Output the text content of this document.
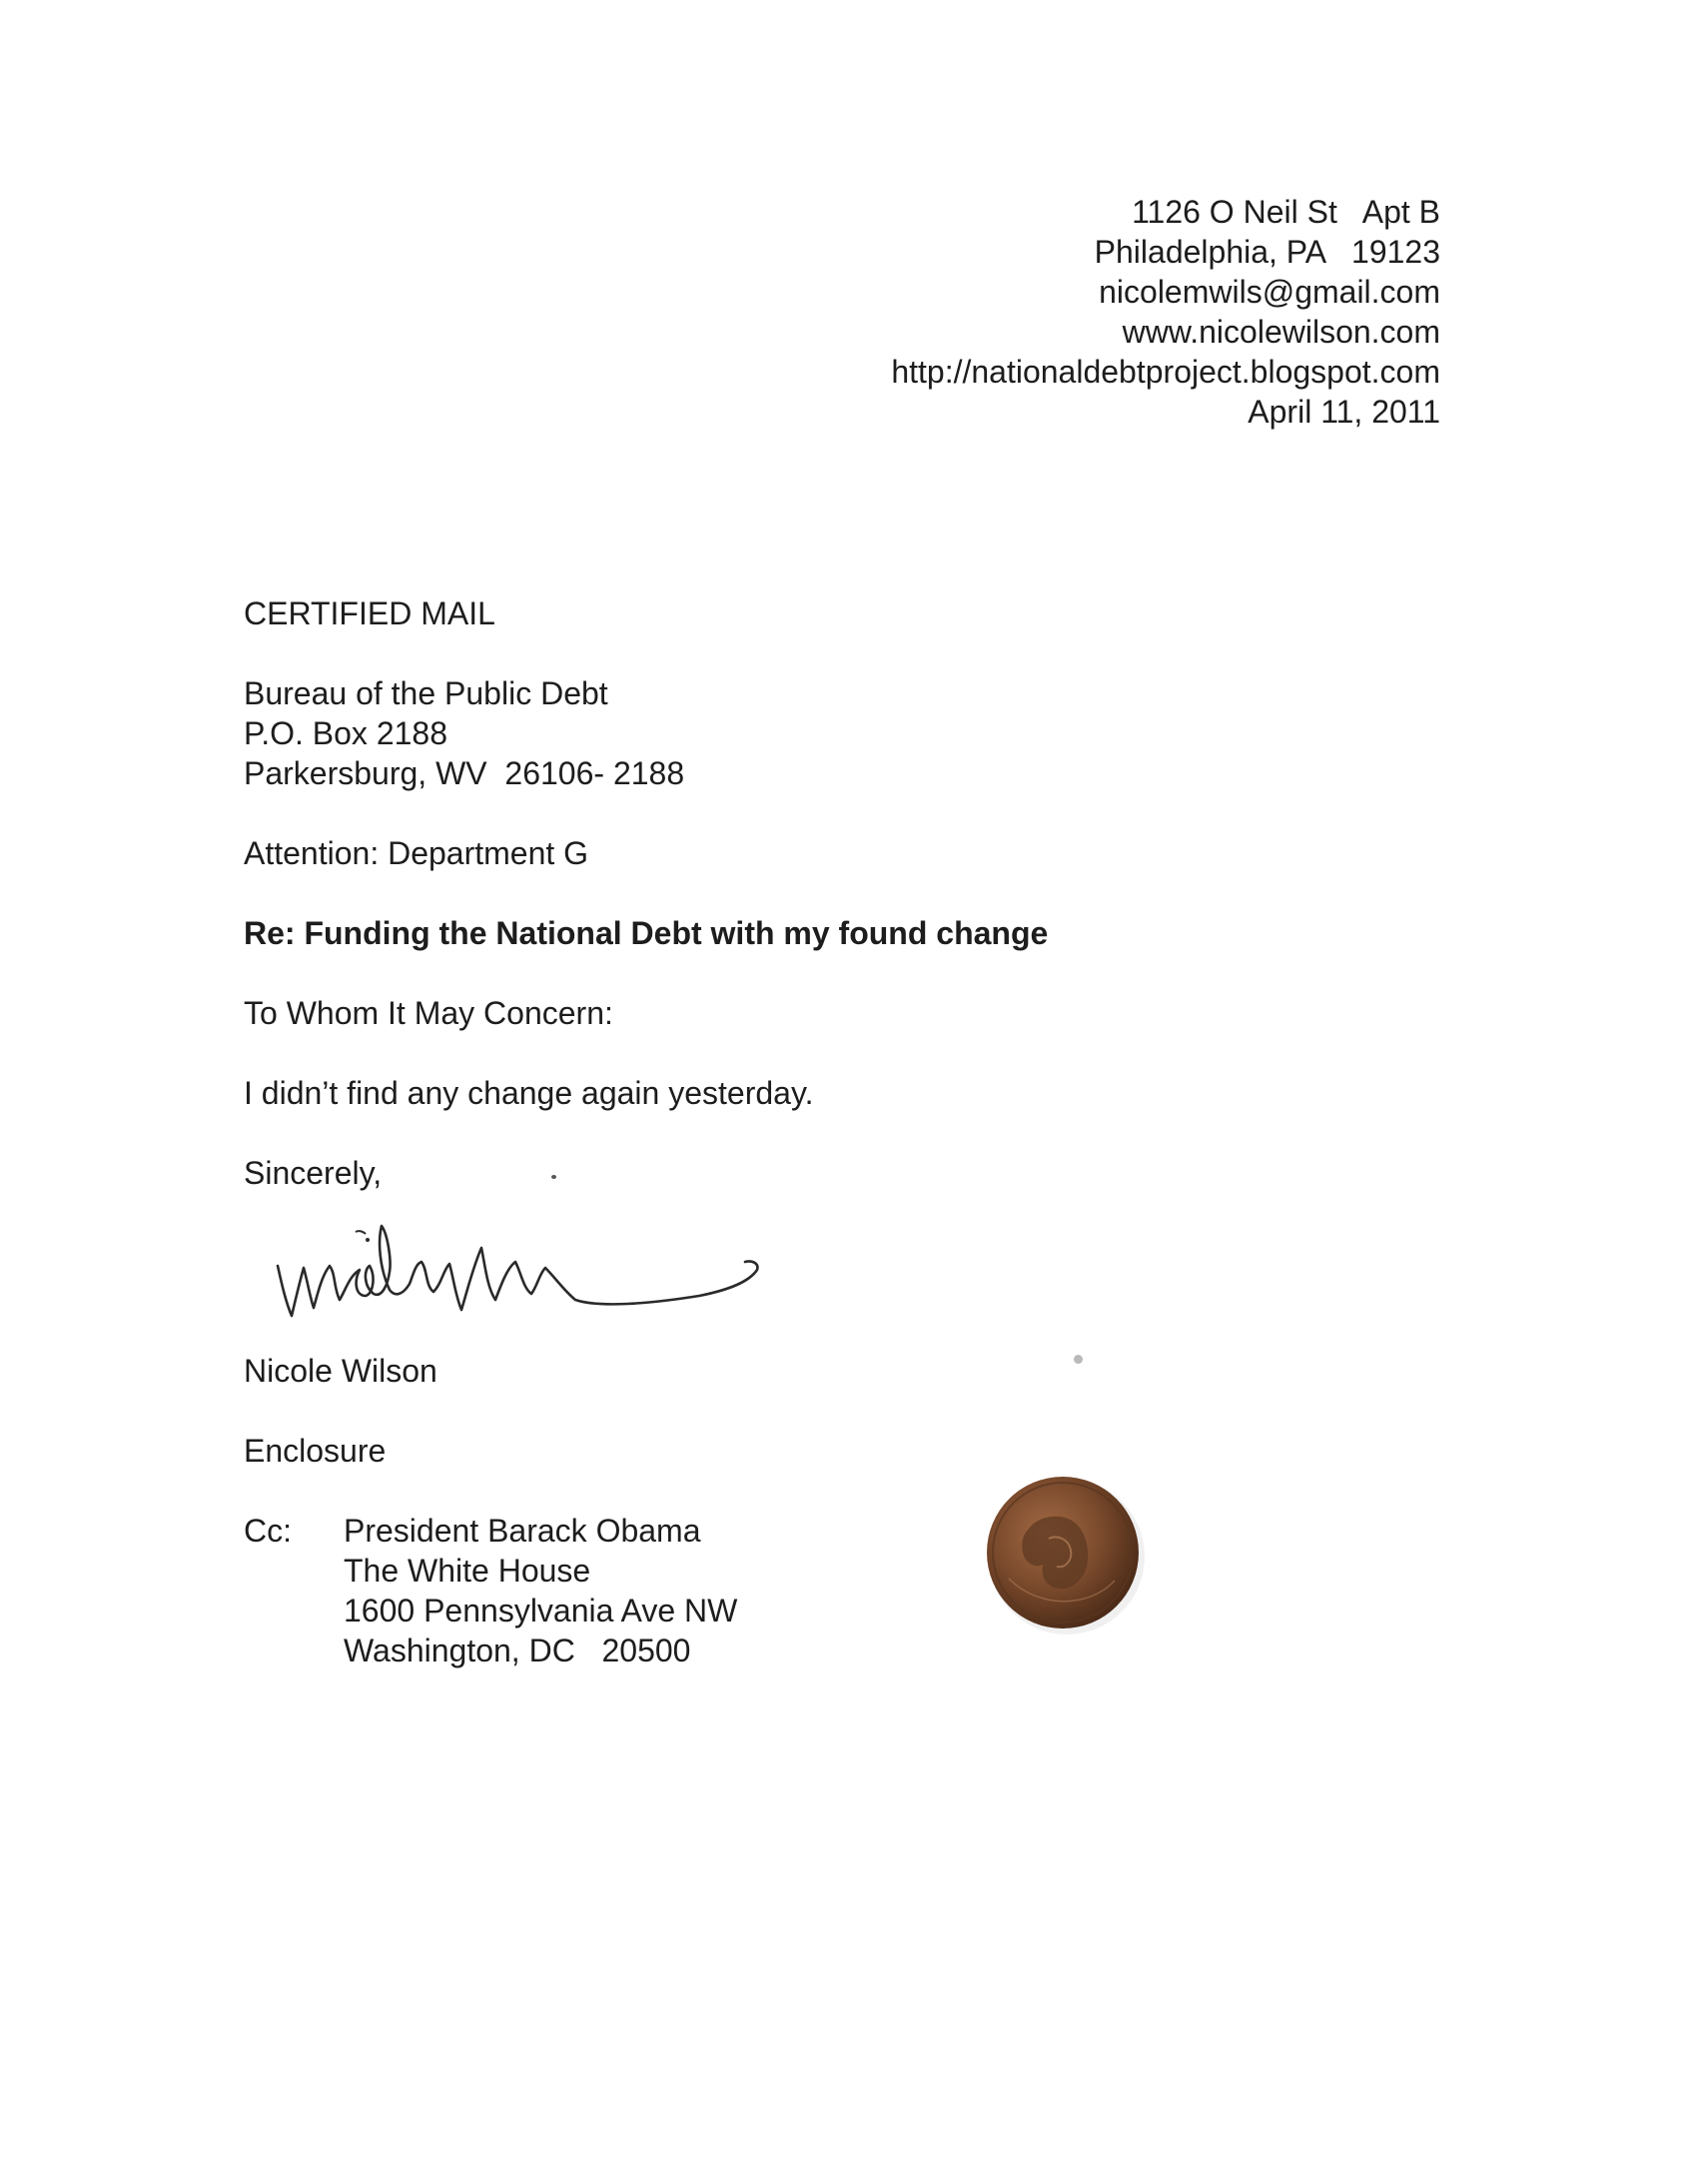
1126 O Neil St   Apt B
Philadelphia, PA   19123
nicolemwils@gmail.com
www.nicolewilson.com
http://nationaldebtproject.blogspot.com
April 11, 2011
CERTIFIED MAIL
Bureau of the Public Debt
P.O. Box 2188
Parkersburg, WV  26106- 2188
Attention: Department G
Re: Funding the National Debt with my found change
To Whom It May Concern:
I didn’t find any change again yesterday.
Sincerely,
Nicole Wilson
Enclosure
Cc: President Barack Obama
The White House
1600 Pennsylvania Ave NW
Washington, DC   20500
